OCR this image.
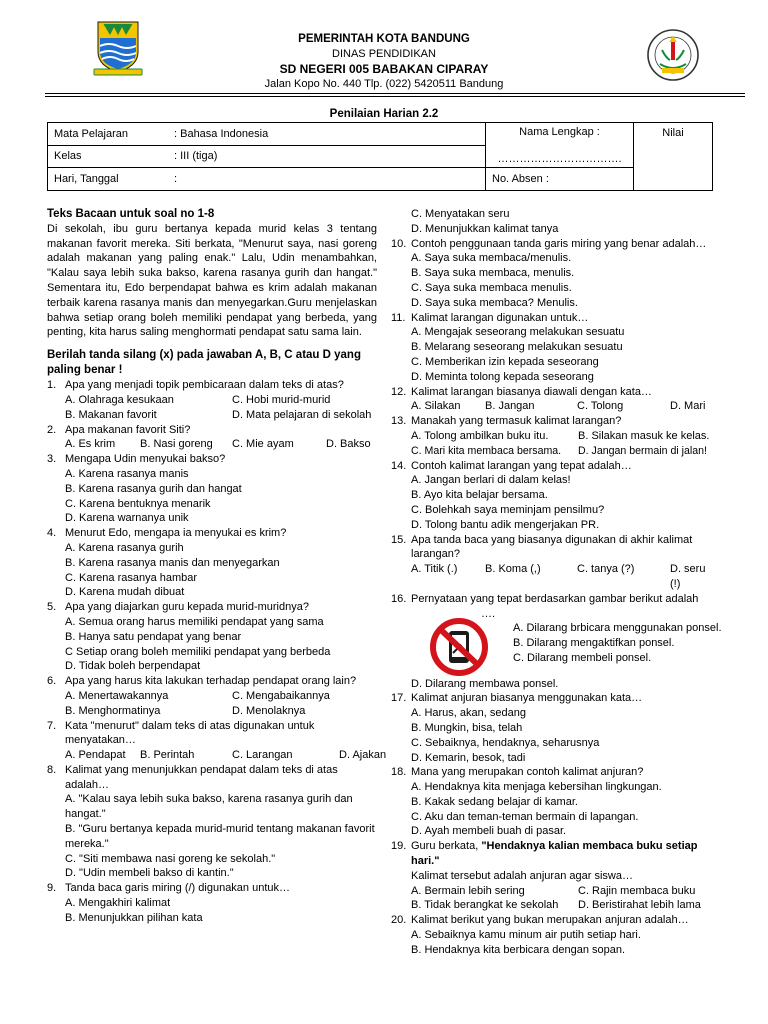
PEMERINTAH KOTA BANDUNG
DINAS PENDIDIKAN
SD NEGERI 005 BABAKAN CIPARAY
Jalan Kopo No. 440 Tlp. (022) 5420511 Bandung
Penilaian Harian 2.2
Mata Pelajaran	: Bahasa Indonesia	Nama Lengkap :
…………………………….	Nilai
Kelas	: III (tiga)		
Hari, Tanggal	:	No. Absen :	
Teks Bacaan untuk soal no 1-8
Di sekolah, ibu guru bertanya kepada murid kelas 3 tentang makanan favorit mereka. Siti berkata, "Menurut saya, nasi goreng adalah makanan yang paling enak." Lalu, Udin menambahkan, "Kalau saya lebih suka bakso, karena rasanya gurih dan hangat." Sementara itu, Edo berpendapat bahwa es krim adalah makanan terbaik karena rasanya manis dan menyegarkan.Guru menjelaskan bahwa setiap orang boleh memiliki pendapat yang berbeda, yang penting, kita harus saling menghormati pendapat satu sama lain.
Berilah tanda silang (x) pada jawaban A, B, C atau D yang paling benar !
1. Apa yang menjadi topik pembicaraan dalam teks di atas?
A. Olahraga kesukaan	C. Hobi murid-murid
B. Makanan favorit	D. Mata pelajaran di sekolah
2. Apa makanan favorit Siti?
A. Es krim	B. Nasi goreng	C. Mie ayam	D. Bakso
3. Mengapa Udin menyukai bakso?
A. Karena rasanya manis
B. Karena rasanya gurih dan hangat
C. Karena bentuknya menarik
D. Karena warnanya unik
4. Menurut Edo, mengapa ia menyukai es krim?
A. Karena rasanya gurih
B. Karena rasanya manis dan menyegarkan
C. Karena rasanya hambar
D. Karena mudah dibuat
5. Apa yang diajarkan guru kepada murid-muridnya?
A. Semua orang harus memiliki pendapat yang sama
B. Hanya satu pendapat yang benar
C Setiap orang boleh memiliki pendapat yang berbeda
D. Tidak boleh berpendapat
6. Apa yang harus kita lakukan terhadap pendapat orang lain?
A. Menertawakannya	C. Mengabaikannya
B. Menghormatinya	D. Menolaknya
7. Kata "menurut" dalam teks di atas digunakan untuk menyatakan…
A. Pendapat	B. Perintah	C. Larangan	D. Ajakan
8. Kalimat yang menunjukkan pendapat dalam teks di atas adalah…
A. "Kalau saya lebih suka bakso, karena rasanya gurih dan hangat."
B. "Guru bertanya kepada murid-murid tentang makanan favorit mereka."
C. "Siti membawa nasi goreng ke sekolah."
D. "Udin membeli bakso di kantin."
9. Tanda baca garis miring (/) digunakan untuk…
A. Mengakhiri kalimat
B. Menunjukkan pilihan kata
C. Menyatakan seru
D. Menunjukkan kalimat tanya
10. Contoh penggunaan tanda garis miring yang benar adalah…
A. Saya suka membaca/menulis.
B. Saya suka membaca, menulis.
C. Saya suka membaca menulis.
D. Saya suka membaca? Menulis.
11. Kalimat larangan digunakan untuk…
A. Mengajak seseorang melakukan sesuatu
B. Melarang seseorang melakukan sesuatu
C. Memberikan izin kepada seseorang
D. Meminta tolong kepada seseorang
12. Kalimat larangan biasanya diawali dengan kata…
A. Silakan	B. Jangan	C. Tolong	D. Mari
13. Manakah yang termasuk kalimat larangan?
A. Tolong ambilkan buku itu.	B. Silakan masuk ke kelas.
C. Mari kita membaca bersama.	D. Jangan bermain di jalan!
14. Contoh kalimat larangan yang tepat adalah…
A. Jangan berlari di dalam kelas!
B. Ayo kita belajar bersama.
C. Bolehkah saya meminjam pensilmu?
D. Tolong bantu adik mengerjakan PR.
15. Apa tanda baca yang biasanya digunakan di akhir kalimat larangan?
A. Titik (.)	B. Koma (,)	C. tanya (?)	D. seru (!)
16. Pernyataan yang tepat berdasarkan gambar berikut adalah
….
A. Dilarang brbicara menggunakan ponsel.
B. Dilarang mengaktifkan ponsel.
C. Dilarang membeli ponsel.
D. Dilarang membawa ponsel.
17. Kalimat anjuran biasanya menggunakan kata…
A. Harus, akan, sedang
B. Mungkin, bisa, telah
C. Sebaiknya, hendaknya, seharusnya
D. Kemarin, besok, tadi
18. Mana yang merupakan contoh kalimat anjuran?
A. Hendaknya kita menjaga kebersihan lingkungan.
B. Kakak sedang belajar di kamar.
C. Aku dan teman-teman bermain di lapangan.
D. Ayah membeli buah di pasar.
19. Guru berkata, "Hendaknya kalian membaca buku setiap hari."
Kalimat tersebut adalah anjuran agar siswa…
A. Bermain lebih sering	C. Rajin membaca buku
B. Tidak berangkat ke sekolah	D. Beristirahat lebih lama
20. Kalimat berikut yang bukan merupakan anjuran adalah…
A. Sebaiknya kamu minum air putih setiap hari.
B. Hendaknya kita berbicara dengan sopan.
